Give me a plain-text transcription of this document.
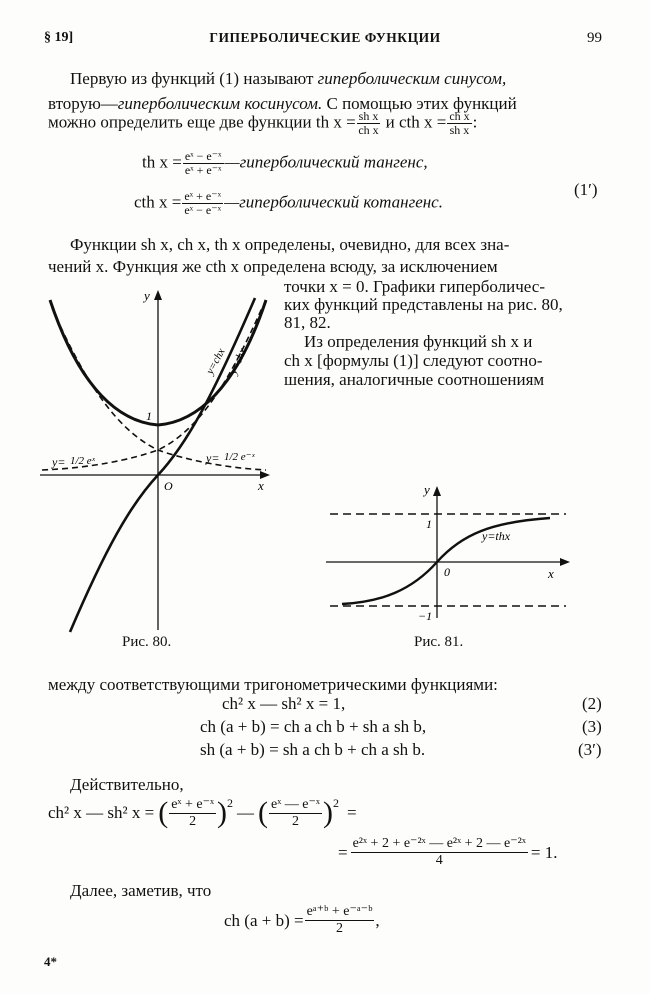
§ 19]	ГИПЕРБОЛИЧЕСКИЕ ФУНКЦИИ	99
Первую из функций (1) называют гиперболическим синусом,
вторую—гиперболическим косинусом. С помощью этих функций
можно определить еще две функции th $x = \frac{\text{sh x}}{\text{ch x}}$ и cth $x = \frac{\text{ch x}}{\text{sh x}}$ :
th $x = \frac{\text{eˣ − e⁻ˣ}}{\text{eˣ + e⁻ˣ}}$ —гиперболический тангенс,
cth $x = \frac{\text{eˣ + e⁻ˣ}}{\text{eˣ − e⁻ˣ}}$ —гиперболический котангенс.
(1′)
Функции sh x, ch x, th x определены, очевидно, для всех зна-
чений x. Функция же cth x определена всюду, за исключением
точки x = 0. Графики гиперболичес-
ких функций представлены на рис. 80,
81, 82.
Из определения функций sh x и
ch x [формулы (1)] следуют соотно-
шения, аналогичные соотношениям
y
x
O
1
y=chx y=shx
y= 1/2 eˣ	y= 1/2 e⁻ˣ
Рис. 80.
y
x
0
1
−1
y=thx
Рис. 81.
между соответствующими тригонометрическими функциями:
ch² x — sh² x = 1,	(2)
ch (a + b) = ch a ch b + sh a sh b,	(3)
sh (a + b) = sh a ch b + ch a sh b.	(3′)
Действительно,
ch² x — sh² x = ( $\frac{\text{eˣ + e⁻ˣ}}{2} )^2$ — ( $\frac{\text{eˣ — e⁻ˣ}}{2} )^2$ =
= $\frac{\text{e²ˣ + 2 + e⁻²ˣ — e²ˣ + 2 — e⁻²ˣ}}{4} = 1$.
Далее, заметив, что
ch $(a + b) = \frac{\text{eᵃ⁺ᵇ + e⁻ᵃ⁻ᵇ}}{2}$ ,
4*
